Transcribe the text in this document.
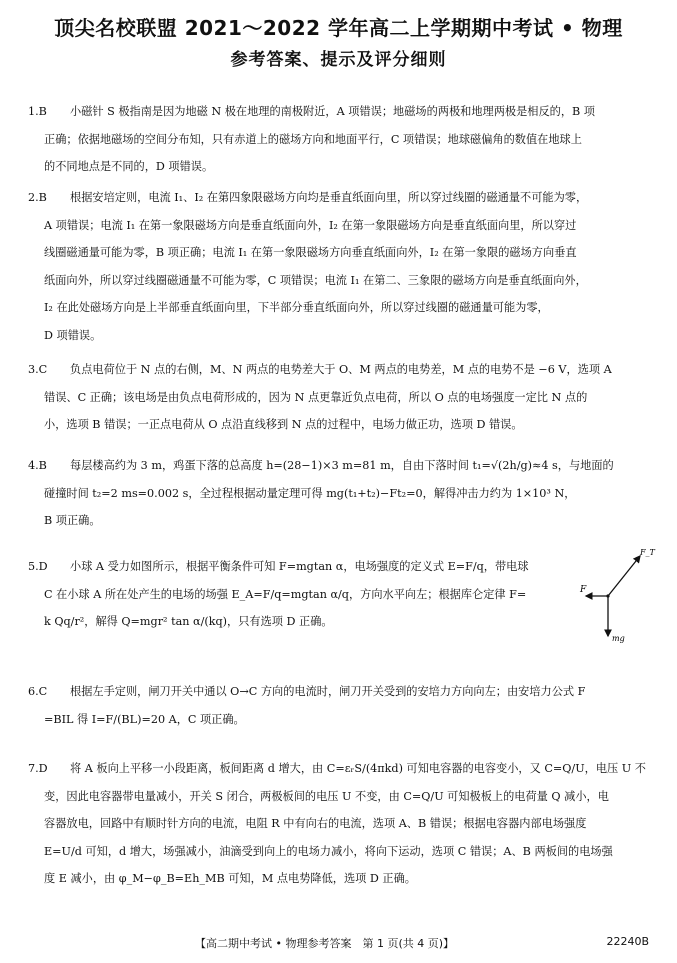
顶尖名校联盟 2021～2022 学年高二上学期期中考试 • 物理
参考答案、提示及评分细则
1.B 小磁针 S 极指南是因为地磁 N 极在地理的南极附近，A 项错误；地磁场的两极和地理两极是相反的，B 项
正确；依据地磁场的空间分布知，只有赤道上的磁场方向和地面平行，C 项错误；地球磁偏角的数值在地球上
的不同地点是不同的，D 项错误。
2.B 根据安培定则，电流 I₁、I₂ 在第四象限磁场方向均是垂直纸面向里，所以穿过线圈的磁通量不可能为零，
A 项错误；电流 I₁ 在第一象限磁场方向是垂直纸面向外，I₂ 在第一象限磁场方向是垂直纸面向里，所以穿过
线圈磁通量可能为零，B 项正确；电流 I₁ 在第一象限磁场方向垂直纸面向外，I₂ 在第一象限的磁场方向垂直
纸面向外，所以穿过线圈磁通量不可能为零，C 项错误；电流 I₁ 在第二、三象限的磁场方向是垂直纸面向外，
I₂ 在此处磁场方向是上半部垂直纸面向里，下半部分垂直纸面向外，所以穿过线圈的磁通量可能为零，
D 项错误。
3.C 负点电荷位于 N 点的右侧，M、N 两点的电势差大于 O、M 两点的电势差，M 点的电势不是 −6 V，选项 A
错误、C 正确；该电场是由负点电荷形成的，因为 N 点更靠近负点电荷，所以 O 点的电场强度一定比 N 点的
小，选项 B 错误；一正点电荷从 O 点沿直线移到 N 点的过程中，电场力做正功，选项 D 错误。
4.B 每层楼高约为 3 m，鸡蛋下落的总高度 h=(28−1)×3 m=81 m，自由下落时间 t₁=√(2h/g)≈4 s，与地面的
碰撞时间 t₂=2 ms=0.002 s，全过程根据动量定理可得 mg(t₁+t₂)−Ft₂=0，解得冲击力约为 1×10³ N，
B 项正确。
5.D 小球 A 受力如图所示，根据平衡条件可知 F=mgtan α，电场强度的定义式 E=F/q，带电球
C 在小球 A 所在处产生的电场的场强 E_A=F/q=mgtan α/q，方向水平向左；根据库仑定律 F=
k Qq/r²，解得 Q=mgr² tan α/(kq)，只有选项 D 正确。
F_T
F
mg
6.C 根据左手定则，闸刀开关中通以 O→C 方向的电流时，闸刀开关受到的安培力方向向左；由安培力公式 F
=BIL 得 I=F/(BL)=20 A，C 项正确。
7.D 将 A 板向上平移一小段距离，板间距离 d 增大，由 C=εᵣS/(4πkd) 可知电容器的电容变小，又 C=Q/U，电压 U 不
变，因此电容器带电量减小，开关 S 闭合，两极板间的电压 U 不变，由 C=Q/U 可知极板上的电荷量 Q 减小，电
容器放电，回路中有顺时针方向的电流，电阻 R 中有向右的电流，选项 A、B 错误；根据电容器内部电场强度
E=U/d 可知，d 增大，场强减小，油滴受到向上的电场力减小，将向下运动，选项 C 错误；A、B 两板间的电场强
度 E 减小，由 φ_M−φ_B=Eh_MB 可知，M 点电势降低，选项 D 正确。
【高二期中考试 • 物理参考答案　第 1 页(共 4 页)】	22240B
